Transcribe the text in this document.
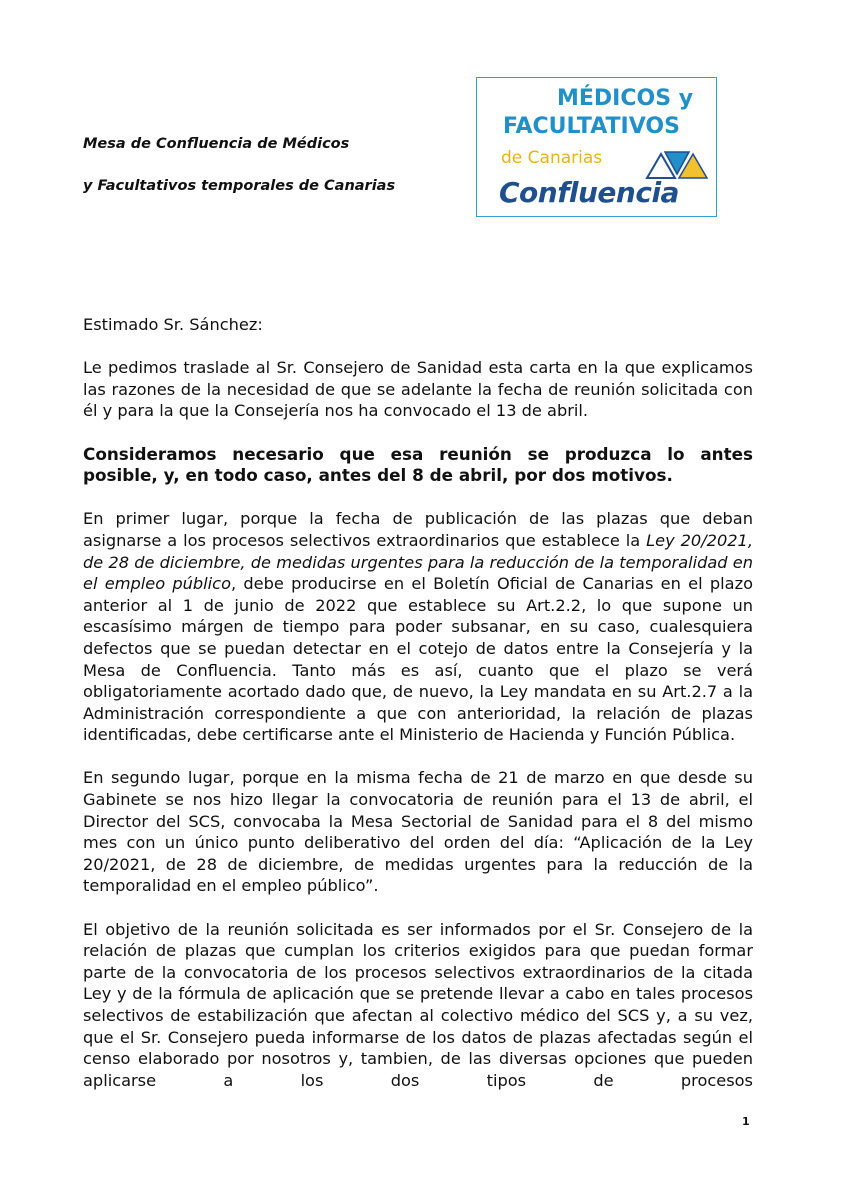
Mesa de Confluencia de Médicos

y Facultativos temporales de Canarias

MÉDICOS y
FACULTATIVOS
de Canarias
Confluencia

Estimado Sr. Sánchez:

Le pedimos traslade al Sr. Consejero de Sanidad esta carta en la que explicamos las razones de la necesidad de que se adelante la fecha de reunión solicitada con él y para la que la Consejería nos ha convocado el 13 de abril.

Consideramos necesario que esa reunión se produzca lo antes posible, y, en todo caso, antes del 8 de abril, por dos motivos.

En primer lugar, porque la fecha de publicación de las plazas que deban asignarse a los procesos selectivos extraordinarios que establece la Ley 20/2021, de 28 de diciembre, de medidas urgentes para la reducción de la temporalidad en el empleo público, debe producirse en el Boletín Oficial de Canarias en el plazo anterior al 1 de junio de 2022 que establece su Art.2.2, lo que supone un escasísimo márgen de tiempo para poder subsanar, en su caso, cualesquiera defectos que se puedan detectar en el cotejo de datos entre la Consejería y la Mesa de Confluencia. Tanto más es así, cuanto que el plazo se verá obligatoriamente acortado dado que, de nuevo, la Ley mandata en su Art.2.7 a la Administración correspondiente a que con anterioridad, la relación de plazas identificadas, debe certificarse ante el Ministerio de Hacienda y Función Pública.

En segundo lugar, porque en la misma fecha de 21 de marzo en que desde su Gabinete se nos hizo llegar la convocatoria de reunión para el 13 de abril, el Director del SCS, convocaba la Mesa Sectorial de Sanidad para el 8 del mismo mes con un único punto deliberativo del orden del día: “Aplicación de la Ley 20/2021, de 28 de diciembre, de medidas urgentes para la reducción de la temporalidad en el empleo público”.

El objetivo de la reunión solicitada es ser informados por el Sr. Consejero de la relación de plazas que cumplan los criterios exigidos para que puedan formar parte de la convocatoria de los procesos selectivos extraordinarios de la citada Ley y de la fórmula de aplicación que se pretende llevar a cabo en tales procesos selectivos de estabilización que afectan al colectivo médico del SCS y, a su vez, que el Sr. Consejero pueda informarse de los datos de plazas afectadas según el censo elaborado por nosotros y, tambien, de las diversas opciones que pueden aplicarse a los dos tipos de procesos

1
